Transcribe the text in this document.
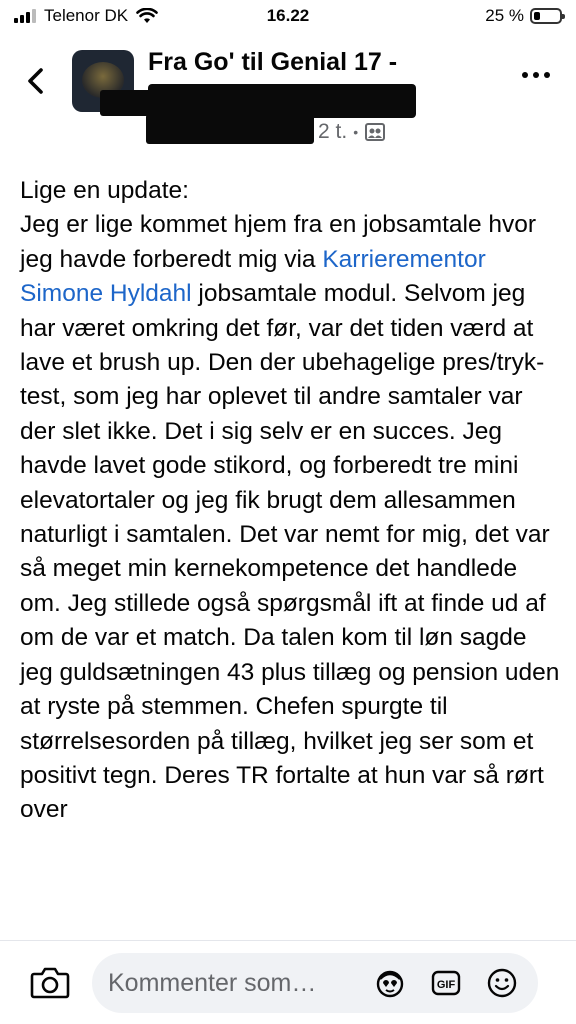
Telenor DK	16.22	25 %
Fra Go' til Genial 17 -
2 t. •
Lige en update:
Jeg er lige kommet hjem fra en jobsamtale hvor jeg havde forberedt mig via Karrierementor Simone Hyldahl jobsamtale modul. Selvom jeg har været omkring det før, var det tiden værd at lave et brush up. Den der ubehagelige pres/tryk-test, som jeg har oplevet til andre samtaler var der slet ikke. Det i sig selv er en succes. Jeg havde lavet gode stikord, og forberedt tre mini elevatortaler og jeg fik brugt dem allesammen naturligt i samtalen. Det var nemt for mig, det var så meget min kernekompetence det handlede om. Jeg stillede også spørgsmål ift at finde ud af om de var et match. Da talen kom til løn sagde jeg guldsætningen 43 plus tillæg og pension uden at ryste på stemmen. Chefen spurgte til størrelsesorden på tillæg, hvilket jeg ser som et positivt tegn. Deres TR fortalte at hun var så rørt over
Kommenter som…	GIF
